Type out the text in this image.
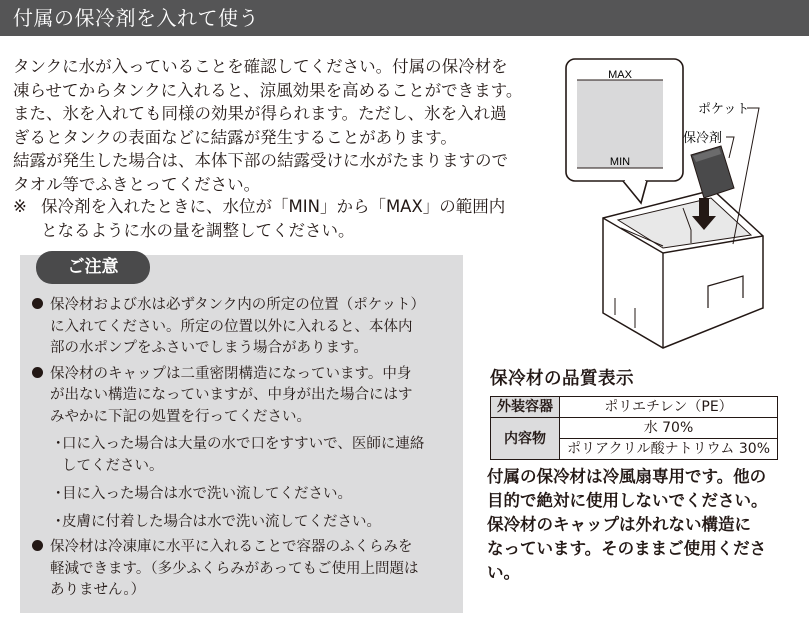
付属の保冷剤を入れて使う

タンクに水が入っていることを確認してください。付属の保冷材を

凍らせてからタンクに入れると、涼風効果を高めることができます。

また、氷を入れても同様の効果が得られます。ただし、氷を入れ過

ぎるとタンクの表面などに結露が発生することがあります。

結露が発生した場合は、本体下部の結露受けに水がたまりますので

タオル等でふきとってください。

※ 保冷剤を入れたときに、水位が「MIN」から「MAX」の範囲内
となるように水の量を調整してください。
ご注意
保冷材および水は必ずタンク内の所定の位置（ポケット）
に入れてください。所定の位置以外に入れると、本体内
部の水ポンプをふさいでしまう場合があります。
保冷材のキャップは二重密閉構造になっています。中身
が出ない構造になっていますが、中身が出た場合にはす
みやかに下記の処置を行ってください。
・
口に入った場合は大量の水で口をすすいで、医師に連絡
してください。
・
目に入った場合は水で洗い流してください。
・
皮膚に付着した場合は水で洗い流してください。
保冷材は冷凍庫に水平に入れることで容器のふくらみを
軽減できます。（多少ふくらみがあってもご使用上問題は
ありません。）
MAX
MIN
ポケット
保冷剤
保冷材の品質表示
外装容器	ポリエチレン（PE）
内容物	水 70%
	ポリアクリル酸ナトリウム 30%

付属の保冷材は冷風扇専用です。他の

目的で絶対に使用しないでください。

保冷材のキャップは外れない構造に

なっています。そのままご使用くださ

い。
